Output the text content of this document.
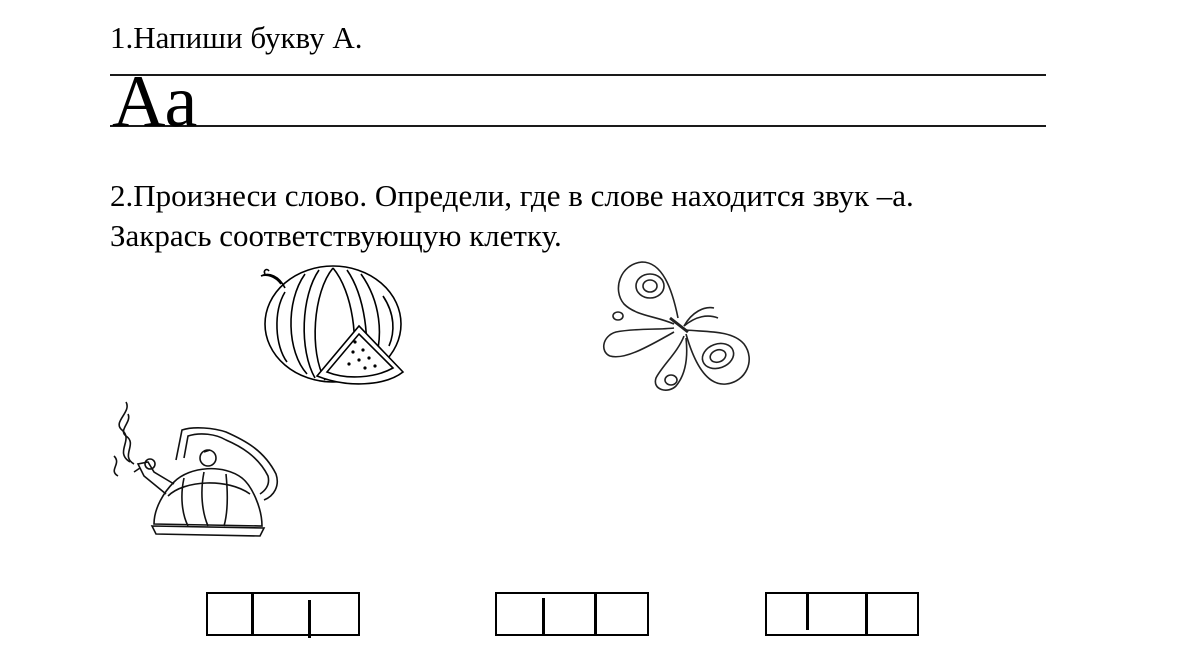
1.Напиши букву А.
Аа
2.Произнеси слово. Определи, где в слове находится звук –а.
Закрась соответствующую клетку.
